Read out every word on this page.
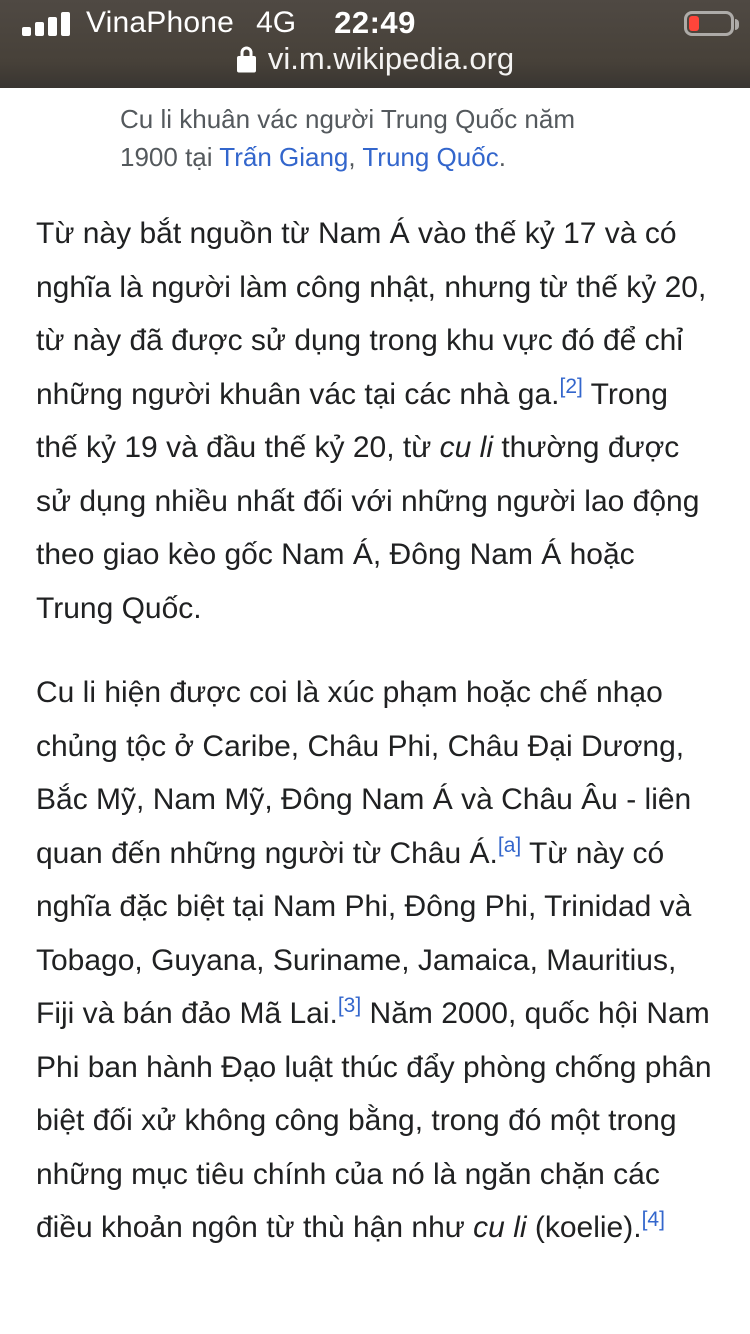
VinaPhone 4G	22:49
vi.m.wikipedia.org
Cu li khuân vác người Trung Quốc năm
1900 tại Trấn Giang, Trung Quốc.

Từ này bắt nguồn từ Nam Á vào thế kỷ 17 và có nghĩa là người làm công nhật, nhưng từ thế kỷ 20, từ này đã được sử dụng trong khu vực đó để chỉ những người khuân vác tại các nhà ga.[2] Trong thế kỷ 19 và đầu thế kỷ 20, từ cu li thường được sử dụng nhiều nhất đối với những người lao động theo giao kèo gốc Nam Á, Đông Nam Á hoặc Trung Quốc.

Cu li hiện được coi là xúc phạm hoặc chế nhạo chủng tộc ở Caribe, Châu Phi, Châu Đại Dương, Bắc Mỹ, Nam Mỹ, Đông Nam Á và Châu Âu - liên quan đến những người từ Châu Á.[a] Từ này có nghĩa đặc biệt tại Nam Phi, Đông Phi, Trinidad và Tobago, Guyana, Suriname, Jamaica, Mauritius, Fiji và bán đảo Mã Lai.[3] Năm 2000, quốc hội Nam Phi ban hành Đạo luật thúc đẩy phòng chống phân biệt đối xử không công bằng, trong đó một trong những mục tiêu chính của nó là ngăn chặn các điều khoản ngôn từ thù hận như cu li (koelie).[4]
